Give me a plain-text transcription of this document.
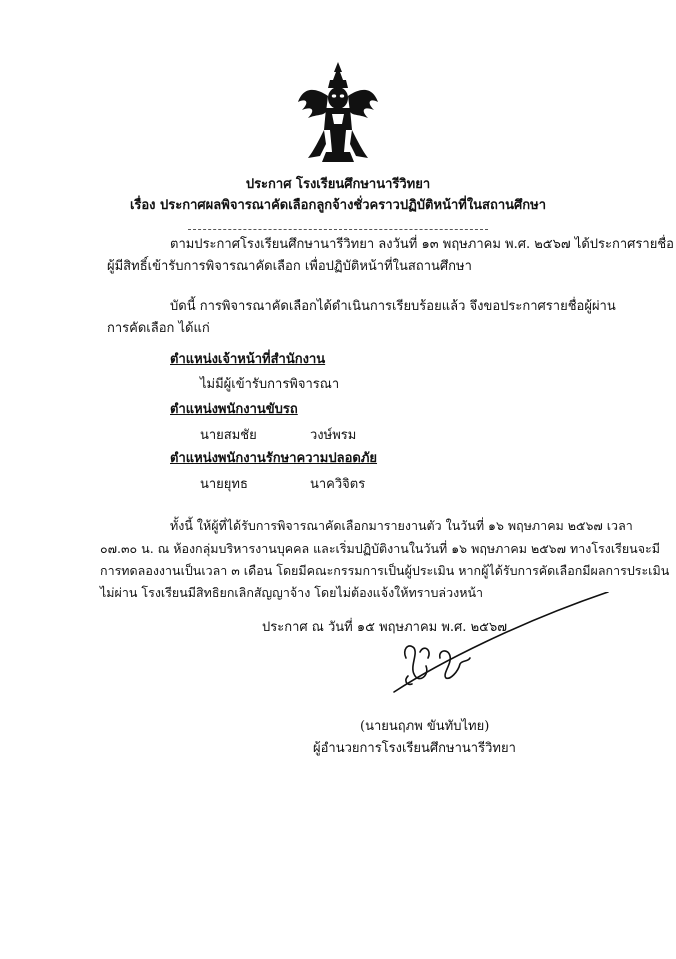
ประกาศ โรงเรียนศึกษานารีวิทยา
เรื่อง ประกาศผลพิจารณาคัดเลือกลูกจ้างชั่วคราวปฏิบัติหน้าที่ในสถานศึกษา
ตามประกาศโรงเรียนศึกษานารีวิทยา ลงวันที่ ๑๓ พฤษภาคม พ.ศ. ๒๕๖๗ ได้ประกาศรายชื่อ
ผู้มีสิทธิ์เข้ารับการพิจารณาคัดเลือก เพื่อปฏิบัติหน้าที่ในสถานศึกษา
บัดนี้ การพิจารณาคัดเลือกได้ดำเนินการเรียบร้อยแล้ว จึงขอประกาศรายชื่อผู้ผ่าน
การคัดเลือก ได้แก่
ตำแหน่งเจ้าหน้าที่สำนักงาน
ไม่มีผู้เข้ารับการพิจารณา
ตำแหน่งพนักงานขับรถ
นายสมชัย	วงษ์พรม
ตำแหน่งพนักงานรักษาความปลอดภัย
นายยุทธ	นาควิจิตร
ทั้งนี้ ให้ผู้ที่ได้รับการพิจารณาคัดเลือกมารายงานตัว ในวันที่ ๑๖ พฤษภาคม ๒๕๖๗ เวลา
๐๗.๓๐ น. ณ ห้องกลุ่มบริหารงานบุคคล และเริ่มปฏิบัติงานในวันที่ ๑๖ พฤษภาคม ๒๕๖๗ ทางโรงเรียนจะมี
การทดลองงานเป็นเวลา ๓ เดือน โดยมีคณะกรรมการเป็นผู้ประเมิน หากผู้ได้รับการคัดเลือกมีผลการประเมิน
ไม่ผ่าน โรงเรียนมีสิทธิยกเลิกสัญญาจ้าง โดยไม่ต้องแจ้งให้ทราบล่วงหน้า
ประกาศ ณ วันที่ ๑๕ พฤษภาคม พ.ศ. ๒๕๖๗
(นายนฤภพ ขันทับไทย)
ผู้อำนวยการโรงเรียนศึกษานารีวิทยา
